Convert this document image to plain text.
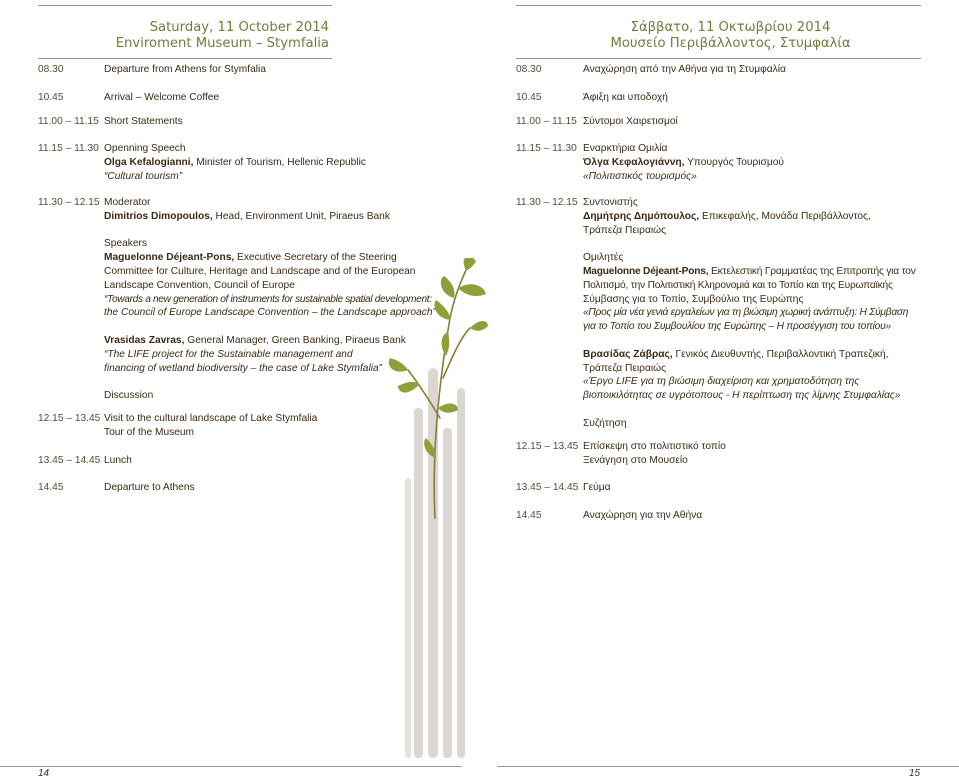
Saturday, 11 October 2014
Enviroment Museum – Stymfalia
Σάββατο, 11 Οκτωβρίου 2014
Μουσείο Περιβάλλοντος, Στυμφαλία
08.30	Departure from Athens for Stymfalia
10.45	Arrival – Welcome Coffee
11.00 – 11.15 Short Statements
11.15 – 11.30 Openning Speech
Olga Kefalogianni, Minister of Tourism, Hellenic Republic
“Cultural tourism”
11.30 – 12.15 Moderator
Dimitrios Dimopoulos, Head, Environment Unit, Piraeus Bank
Speakers
Maguelonne Déjeant-Pons, Executive Secretary of the Steering
Committee for Culture, Heritage and Landscape and of the European
Landscape Convention, Council of Europe
“Towards a new generation of instruments for sustainable spatial development:
the Council of Europe Landscape Convention – the Landscape approach”
Vrasidas Zavras, General Manager, Green Banking, Piraeus Bank
“The LIFE project for the Sustainable management and
financing of wetland biodiversity – the case of Lake Stymfalia”
Discussion
12.15 – 13.45 Visit to the cultural landscape of Lake Stymfalia
Tour of the Museum
13.45 – 14.45 Lunch
14.45	Departure to Athens
08.30	Αναχώρηση από την Αθήνα για τη Στυμφαλία
10.45	Άφιξη και υποδοχή
11.00 – 11.15 Σύντομοι Χαιρετισμοί
11.15 – 11.30 Εναρκτήρια Ομιλία
Όλγα Κεφαλογιάννη, Υπουργός Τουρισμού
«Πολιτιστικός τουρισμός»
11.30 – 12.15 Συντονιστής
Δημήτρης Δημόπουλος, Επικεφαλής, Μονάδα Περιβάλλοντος,
Τράπεζα Πειραιώς
Ομιλητές
Maguelonne Déjeant-Pons, Εκτελεστική Γραμματέας της Επιτροπής για τον
Πολιτισμό, την Πολιτιστική Κληρονομιά και το Τοπίο και της Ευρωπαϊκής
Σύμβασης για το Τοπίο, Συμβούλιο της Ευρώπης
«Προς μία νέα γενιά εργαλείων για τη βιώσιμη χωρική ανάπτυξη: Η Σύμβαση
για το Τοπίο του Συμβουλίου της Ευρώπης – Η προσέγγιση του τοπίου»
Βρασίδας Ζάβρας, Γενικός Διευθυντής, Περιβαλλοντική Τραπεζική,
Τράπεζα Πειραιώς
«Έργο LIFE για τη βιώσιμη διαχείριση και χρηματοδότηση της
βιοποικιλότητας σε υγρότοπους - Η περίπτωση της λίμνης Στυμφαλίας»
Συζήτηση
12.15 – 13.45 Επίσκεψη στο πολιτιστικό τοπίο
Ξενάγηση στο Μουσείο
13.45 – 14.45 Γεύμα
14.45	Αναχώρηση για την Αθήνα
14	15
